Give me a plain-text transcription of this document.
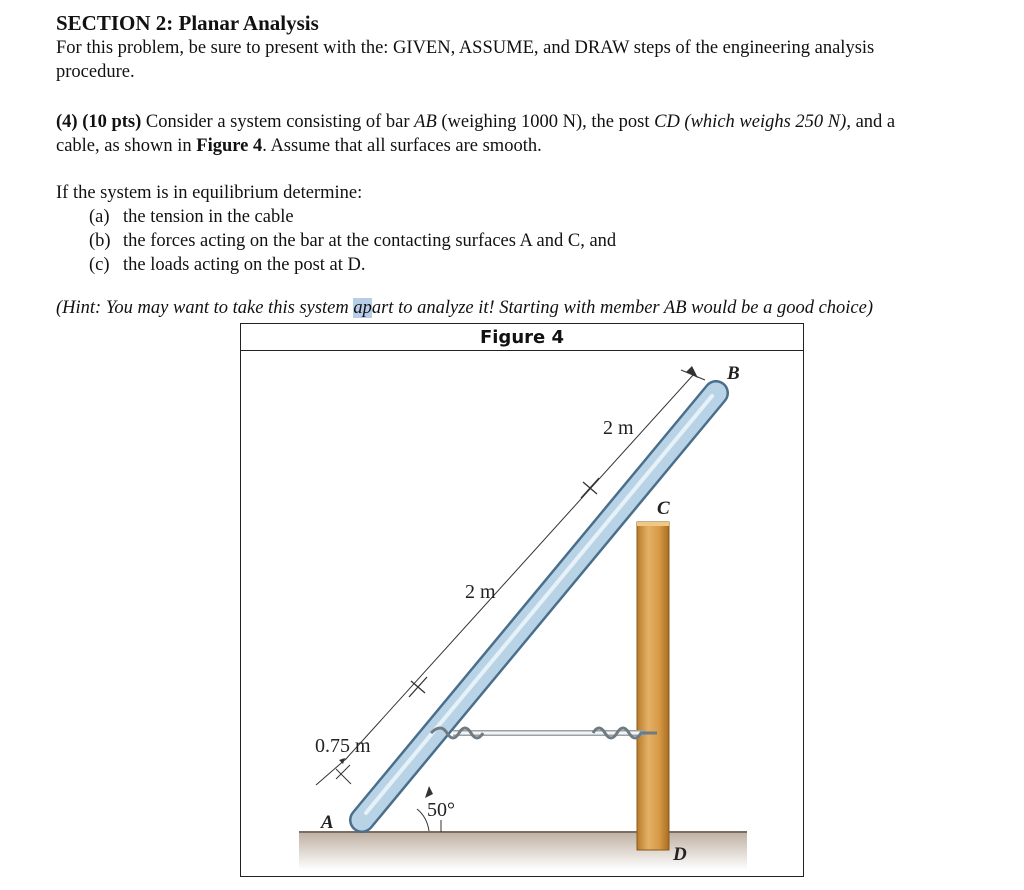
SECTION 2: Planar Analysis

For this problem, be sure to present with the: GIVEN, ASSUME, and DRAW steps of the engineering analysis

procedure.

(4) (10 pts) Consider a system consisting of bar AB (weighing 1000 N), the post CD (which weighs 250 N), and a

cable, as shown in Figure 4. Assume that all surfaces are smooth.

If the system is in equilibrium determine:

(a) the tension in the cable
(b) the forces acting on the bar at the contacting surfaces A and C, and
(c) the loads acting on the post at D.

(Hint: You may want to take this system apart to analyze it! Starting with member AB would be a good choice)

B
C
D
A
0.75 m
2 m
2 m
50°
Figure 4
